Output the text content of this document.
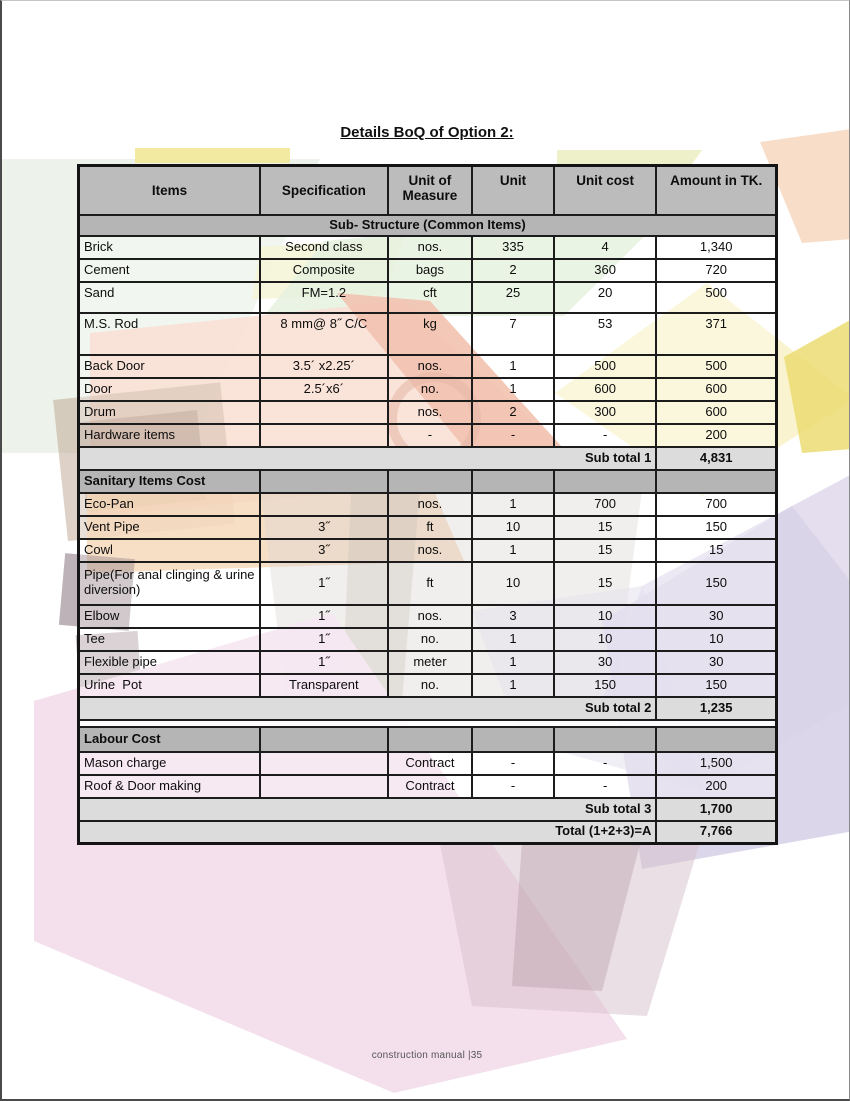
Details BoQ of Option 2:
Items	Specification	Unit of Measure	Unit	Unit cost	Amount in TK.
Sub- Structure (Common Items)					
Brick	Second class	nos.	335	4	1,340
Cement	Composite	bags	2	360	720
Sand	FM=1.2	cft	25	20	500
M.S. Rod	8 mm@ 8˝ C/C	kg	7	53	371
Back Door	3.5´ x2.25´	nos.	1	500	500
Door	2.5´x6´	no.	1	600	600
Drum		nos.	2	300	600
Hardware items		-	-	-	200
Sub total 1					4,831
Sanitary Items Cost					
Eco-Pan		nos.	1	700	700
Vent Pipe	3˝	ft	10	15	150
Cowl	3˝	nos.	1	15	15
Pipe(For anal clinging & urine diversion)	1˝	ft	10	15	150
Elbow	1˝	nos.	3	10	30
Tee	1˝	no.	1	10	10
Flexible pipe	1˝	meter	1	30	30
Urine  Pot	Transparent	no.	1	150	150
Sub total 2					1,235

Labour Cost					
Mason charge		Contract	-	-	1,500
Roof & Door making		Contract	-	-	200
Sub total 3					1,700
Total (1+2+3)=A					7,766
construction manual |35
